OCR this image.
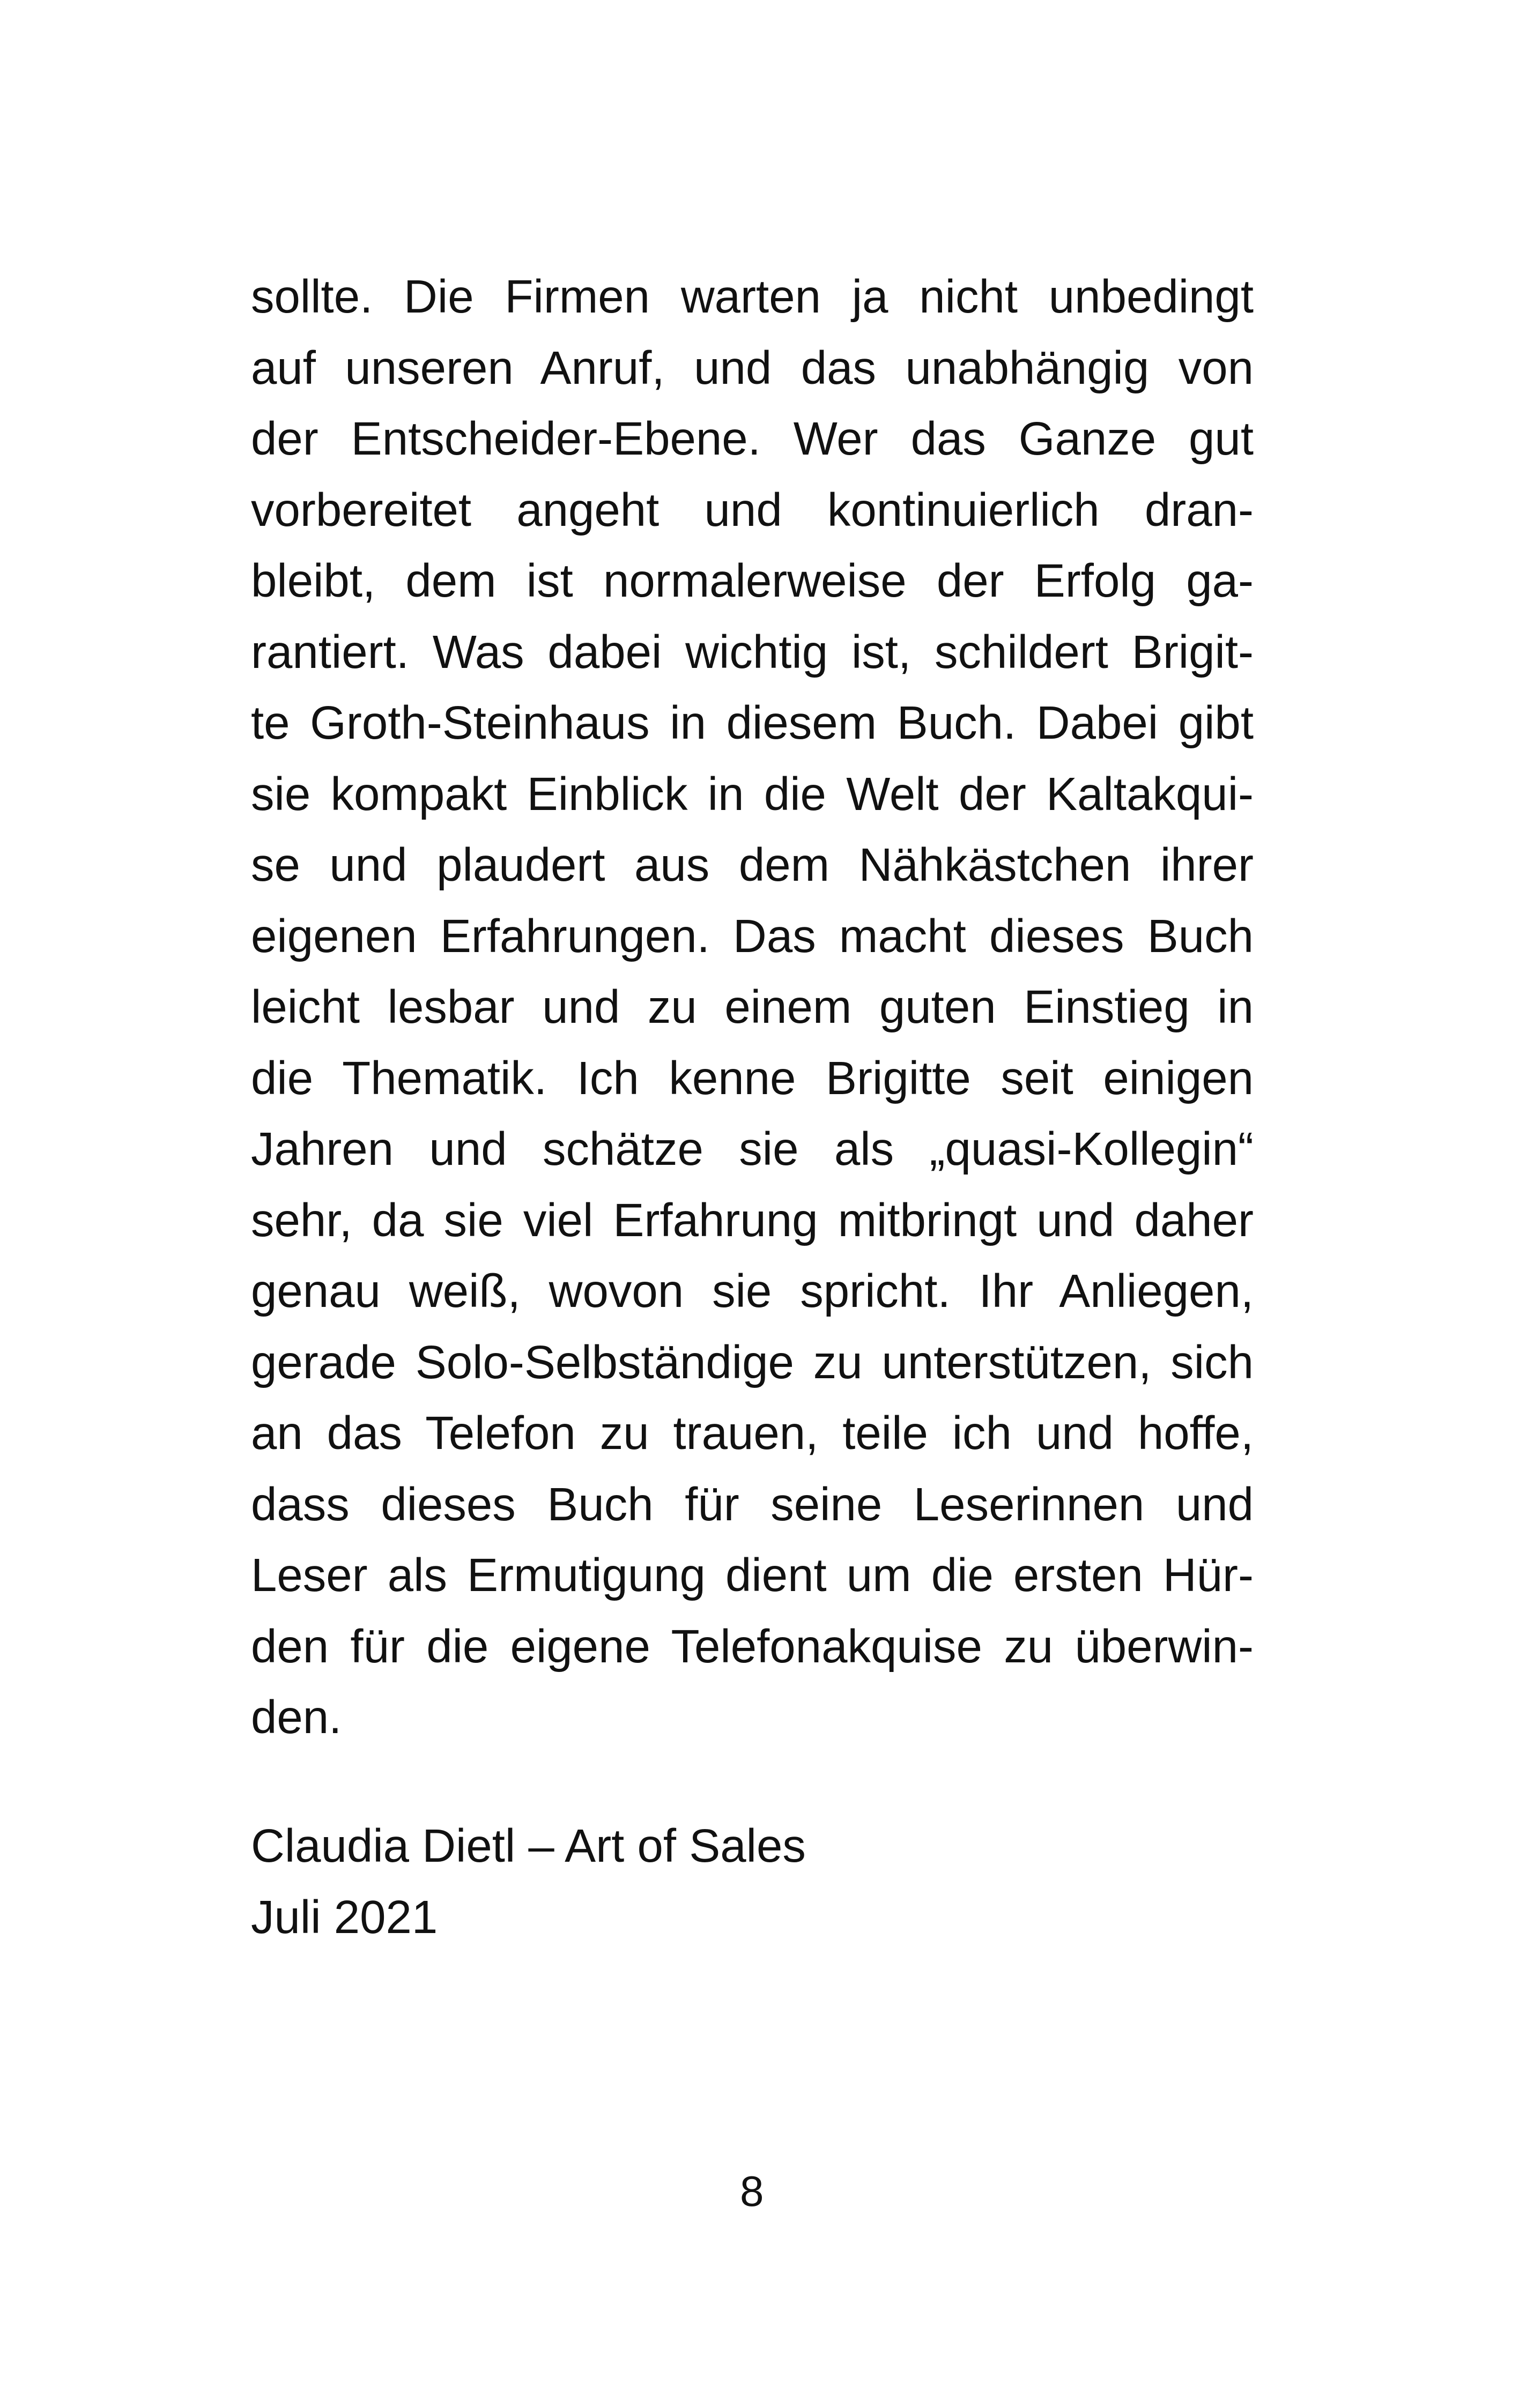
sollte. Die Firmen warten ja nicht unbedingt
auf unseren Anruf, und das unabhängig von
der Entscheider-Ebene. Wer das Ganze gut
vorbereitet angeht und kontinuierlich dran-
bleibt, dem ist normalerweise der Erfolg ga-
rantiert. Was dabei wichtig ist, schildert Brigit-
te Groth-Steinhaus in diesem Buch. Dabei gibt
sie kompakt Einblick in die Welt der Kaltakqui-
se und plaudert aus dem Nähkästchen ihrer
eigenen Erfahrungen. Das macht dieses Buch
leicht lesbar und zu einem guten Einstieg in
die Thematik. Ich kenne Brigitte seit einigen
Jahren und schätze sie als „quasi-Kollegin“
sehr, da sie viel Erfahrung mitbringt und daher
genau weiß, wovon sie spricht. Ihr Anliegen,
gerade Solo-Selbständige zu unterstützen, sich
an das Telefon zu trauen, teile ich und hoffe,
dass dieses Buch für seine Leserinnen und
Leser als Ermutigung dient um die ersten Hür-
den für die eigene Telefonakquise zu überwin-
den.
Claudia Dietl – Art of Sales
Juli 2021
8
